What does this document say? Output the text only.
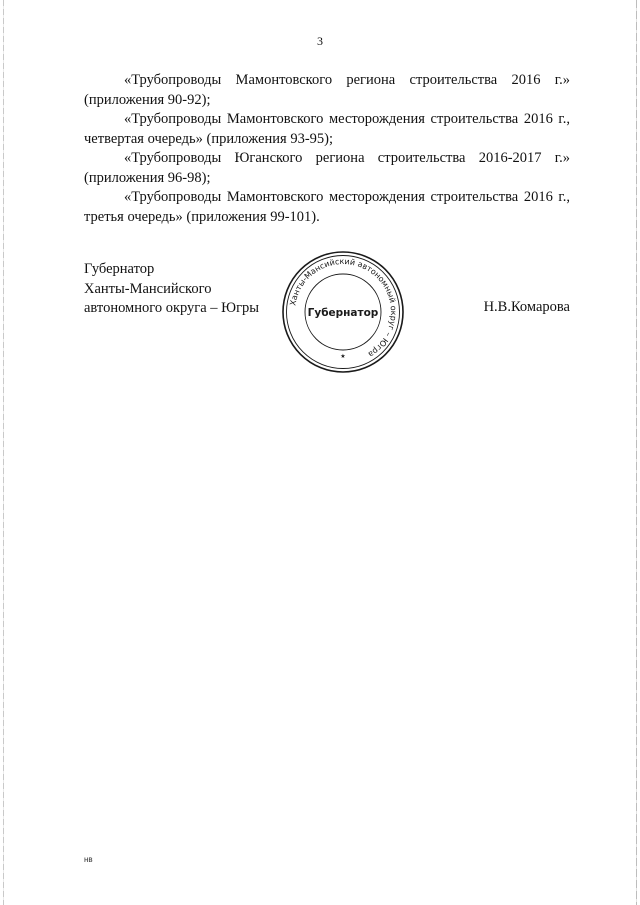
3

«Трубопроводы Мамонтовского региона строительства 2016 г.» (приложения 90-92);

«Трубопроводы Мамонтовского месторождения строительства 2016 г., четвертая очередь» (приложения 93-95);

«Трубопроводы Юганского региона строительства 2016-2017 г.» (приложения 96-98);

«Трубопроводы Мамонтовского месторождения строительства 2016 г., третья очередь» (приложения 99-101).

Губернатор
Ханты-Мансийского
автономного округа – Югры	Ханты-Мансийский автономный округ – Югра
Губернатор
★
Н.В.Комарова
нв
